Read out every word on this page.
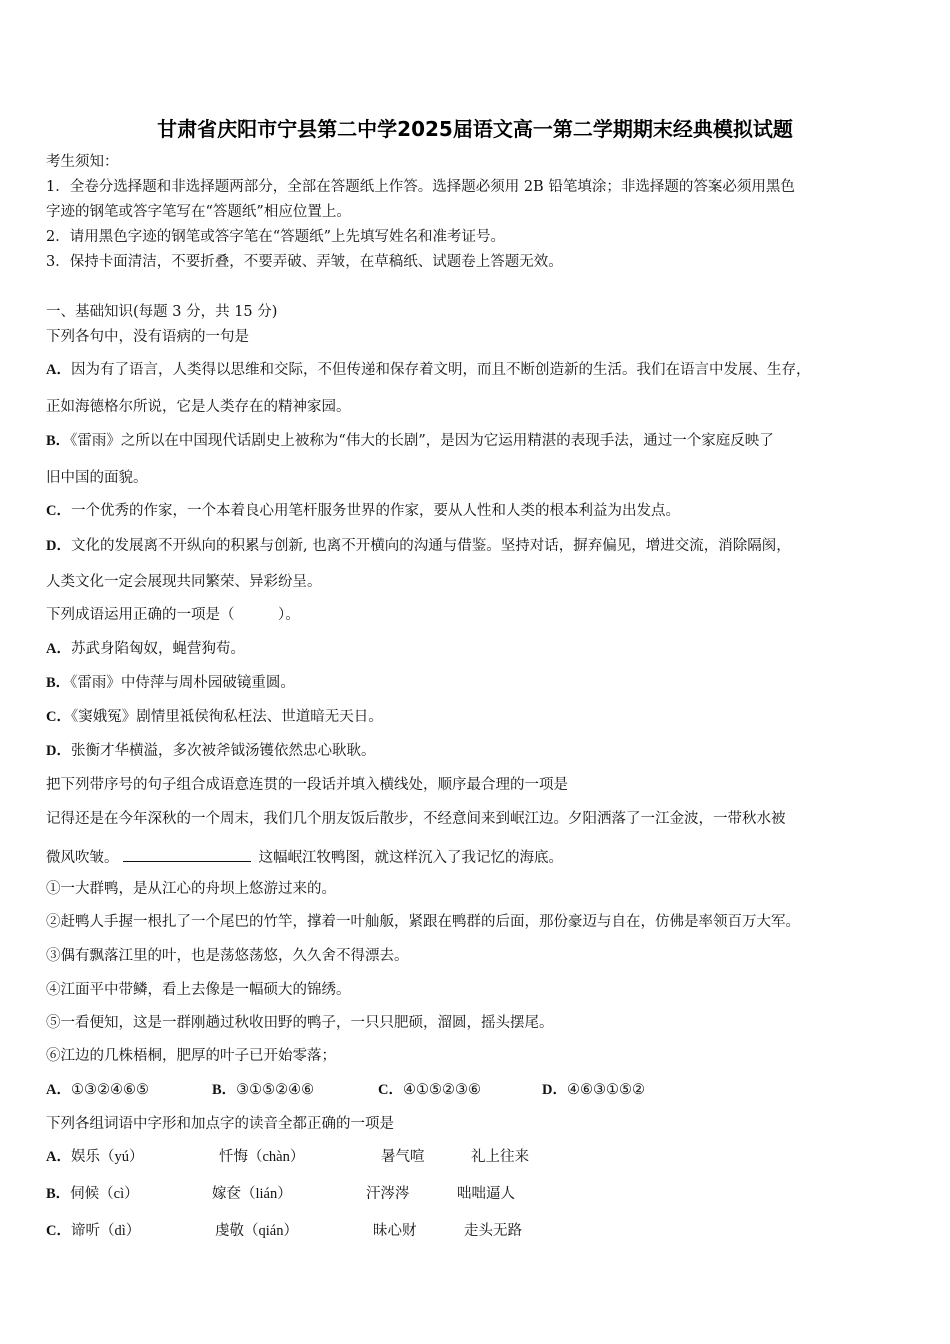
甘肃省庆阳市宁县第二中学2025届语文高一第二学期期末经典模拟试题
考生须知：
1．全卷分选择题和非选择题两部分，全部在答题纸上作答。选择题必须用 2B 铅笔填涂；非选择题的答案必须用黑色
字迹的钢笔或答字笔写在“答题纸”相应位置上。
2．请用黑色字迹的钢笔或答字笔在“答题纸”上先填写姓名和准考证号。
3．保持卡面清洁，不要折叠，不要弄破、弄皱，在草稿纸、试题卷上答题无效。
一、基础知识(每题 3 分，共 15 分)
下列各句中，没有语病的一句是
A．因为有了语言，人类得以思维和交际，不但传递和保存着文明，而且不断创造新的生活。我们在语言中发展、生存，
正如海德格尔所说，它是人类存在的精神家园。
B．《雷雨》之所以在中国现代话剧史上被称为“伟大的长剧”，是因为它运用精湛的表现手法，通过一个家庭反映了
旧中国的面貌。
C．一个优秀的作家，一个本着良心用笔杆服务世界的作家，要从人性和人类的根本利益为出发点。
D．文化的发展离不开纵向的积累与创新, 也离不开横向的沟通与借鉴。坚持对话，摒弃偏见，增进交流，消除隔阂，
人类文化一定会展现共同繁荣、异彩纷呈。
下列成语运用正确的一项是（　　　）。
A．苏武身陷匈奴，蝇营狗苟。
B．《雷雨》中侍萍与周朴园破镜重圆。
C．《窦娥冤》剧情里祗侯徇私枉法、世道暗无天日。
D．张衡才华横溢，多次被斧钺汤镬依然忠心耿耿。
把下列带序号的句子组合成语意连贯的一段话并填入横线处，顺序最合理的一项是
记得还是在今年深秋的一个周末，我们几个朋友饭后散步，不经意间来到岷江边。夕阳洒落了一江金波，一带秋水被
微风吹皱。	这幅岷江牧鸭图，就这样沉入了我记忆的海底。
①一大群鸭，是从江心的舟坝上悠游过来的。
②赶鸭人手握一根扎了一个尾巴的竹竿，撑着一叶舢舨，紧跟在鸭群的后面，那份豪迈与自在，仿佛是率领百万大军。
③偶有飘落江里的叶，也是荡悠荡悠，久久舍不得漂去。
④江面平中带鳞，看上去像是一幅硕大的锦绣。
⑤一看便知，这是一群刚趟过秋收田野的鸭子，一只只肥硕，溜圆，摇头摆尾。
⑥江边的几株梧桐，肥厚的叶子已开始零落；
A．①③②④⑥⑤	B．③①⑤②④⑥	C．④①⑤②③⑥	D．④⑥③①⑤②
下列各组词语中字形和加点字的读音全都正确的一项是
A．娱乐（yú）	忏悔（chàn）	暑气喧	礼上往来
B．伺候（cì）	嫁奁（lián）	汗涔涔	咄咄逼人
C．谛听（dì）	虔敬（qián）	昧心财	走头无路
